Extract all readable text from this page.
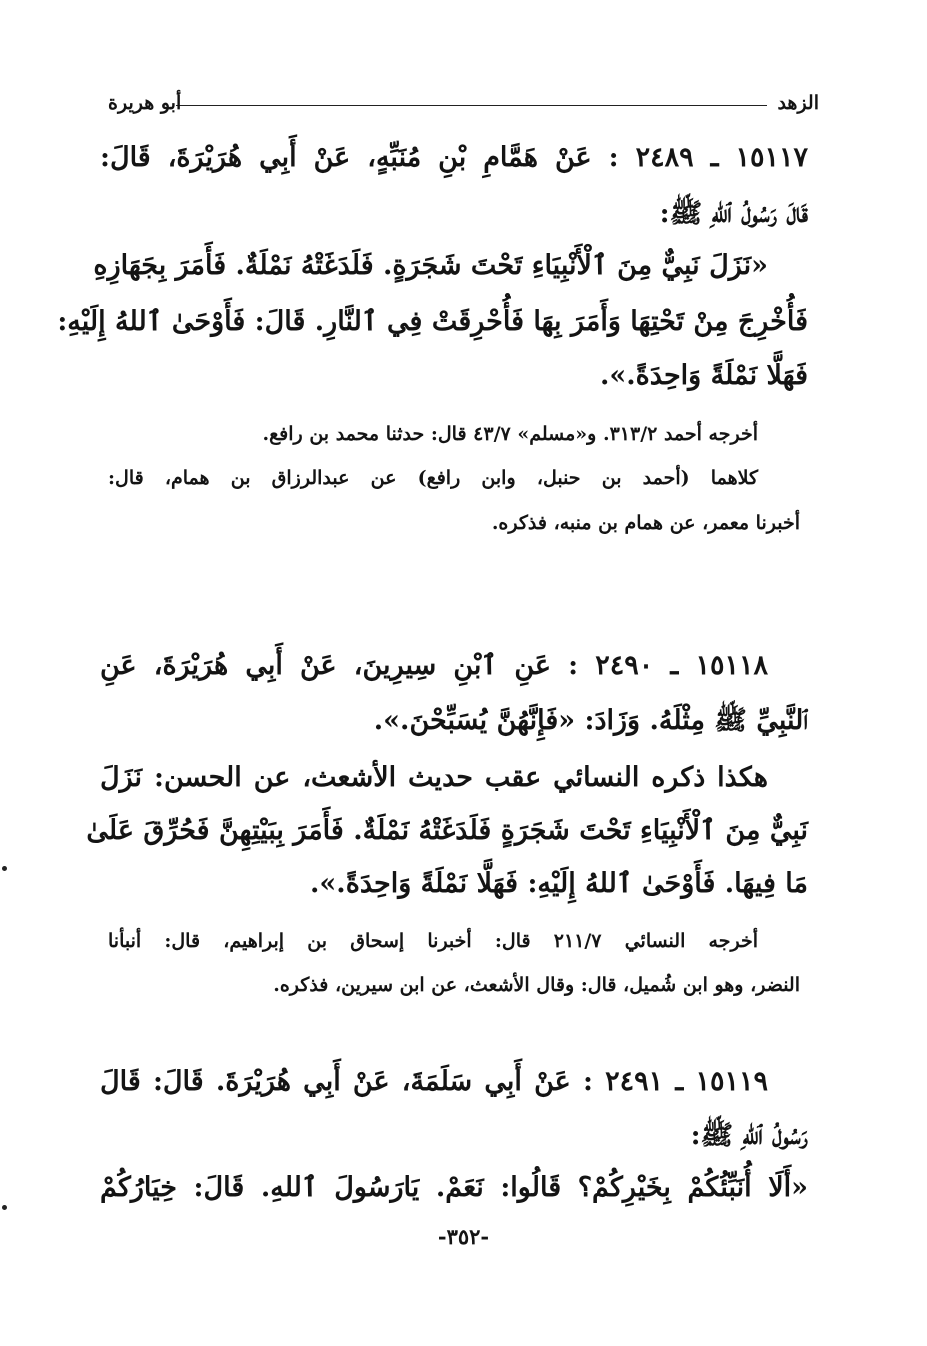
الزهد
أبو هريرة
١٥١١٧ ـ ٢٤٨٩ : عَنْ هَمَّامِ بْنِ مُنَبِّهٍ، عَنْ أَبِي هُرَيْرَةَ، قَالَ:
قَالَ رَسُولُ ٱللهِ ﷺ:
«نَزَلَ نَبِيٌّ مِنَ ٱلْأَنْبِيَاءِ تَحْتَ شَجَرَةٍ. فَلَدَغَتْهُ نَمْلَةٌ. فَأَمَرَ بِجَهَازِهِ
فَأُخْرِجَ مِنْ تَحْتِهَا وَأَمَرَ بِهَا فَأُحْرِقَتْ فِي ٱلنَّارِ. قَالَ: فَأَوْحَىٰ ٱللهُ إِلَيْهِ:
فَهَلَّا نَمْلَةً وَاحِدَةً.».
أخرجه أحمد ٣١٣/٢. و«مسلم» ٤٣/٧ قال: حدثنا محمد بن رافع.
كلاهما (أحمد بن حنبل، وابن رافع) عن عبدالرزاق بن همام، قال:
أخبرنا معمر، عن همام بن منبه، فذكره.
١٥١١٨ ـ ٢٤٩٠ : عَنِ ٱبْنِ سِيرِينَ، عَنْ أَبِي هُرَيْرَةَ، عَنِ
ٱلنَّبِيِّ ﷺ مِثْلَهُ. وَزَادَ: «فَإِنَّهُنَّ يُسَبِّحْنَ.».
هكذا ذكره النسائي عقب حديث الأشعث، عن الحسن: نَزَلَ
نَبِيٌّ مِنَ ٱلْأَنْبِيَاءِ تَحْتَ شَجَرَةٍ فَلَدَغَتْهُ نَمْلَةٌ. فَأَمَرَ بِبَيْتِهِنَّ فَحُرِّقَ عَلَىٰ
مَا فِيهَا. فَأَوْحَىٰ ٱللهُ إِلَيْهِ: فَهَلَّا نَمْلَةً وَاحِدَةً.».
أخرجه النسائي ٢١١/٧ قال: أخبرنا إسحاق بن إبراهيم، قال: أنبأنا
النضر، وهو ابن شُميل، قال: وقال الأشعث، عن ابن سيرين، فذكره.
١٥١١٩ ـ ٢٤٩١ : عَنْ أَبِي سَلَمَةَ، عَنْ أَبِي هُرَيْرَةَ. قَالَ: قَالَ
رَسُولُ ٱللهِ ﷺ:
«أَلَا أُنَبِّئُكُمْ بِخَيْرِكُمْ؟ قَالُوا: نَعَمْ. يَارَسُولَ ٱللهِ. قَالَ: خِيَارُكُمْ
-٣٥٢-
